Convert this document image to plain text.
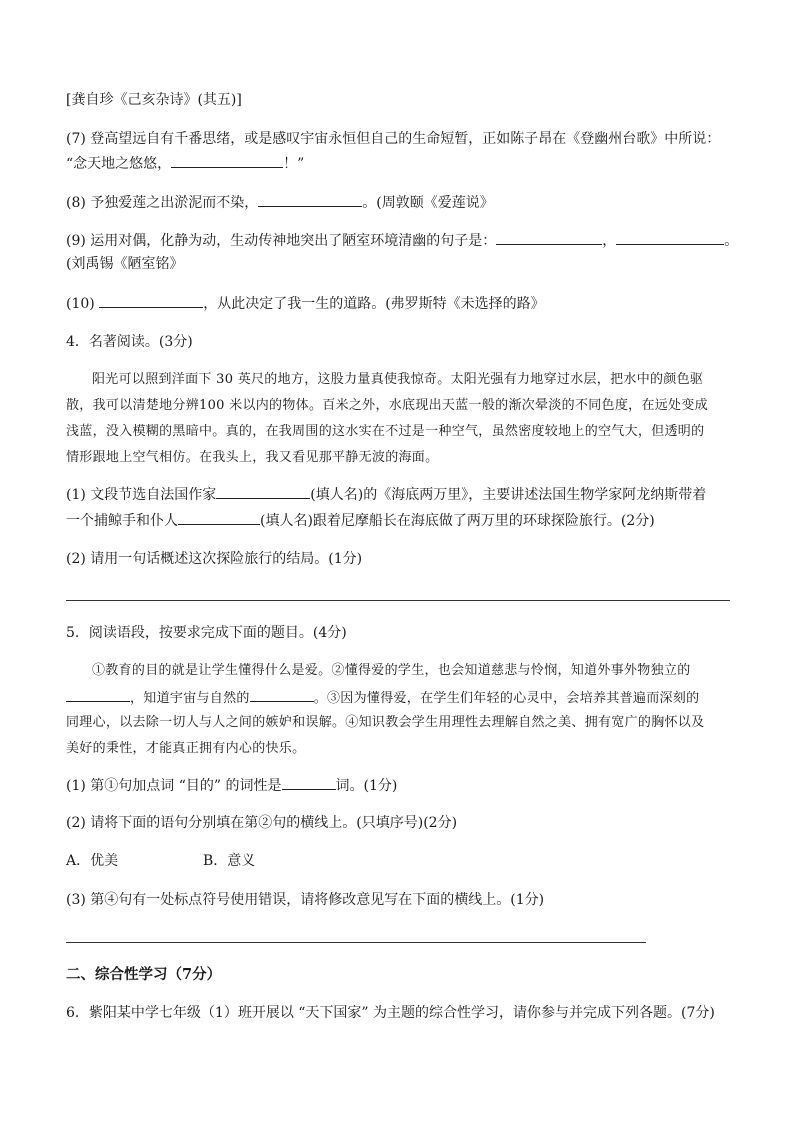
[龚自珍《己亥杂诗》(其五)]
(7) 登高望远自有千番思绪，或是感叹宇宙永恒但自己的生命短暂，正如陈子昂在《登幽州台歌》中所说：
“念天地之悠悠，	！”
(8) 予独爱莲之出淤泥而不染，	。(周敦颐《爱莲说》
(9) 运用对偶，化静为动，生动传神地突出了陋室环境清幽的句子是：	，	。
(刘禹锡《陋室铭》
(10)	，从此决定了我一生的道路。(弗罗斯特《未选择的路》
4．名著阅读。(3分)
阳光可以照到洋面下 30 英尺的地方，这股力量真使我惊奇。太阳光强有力地穿过水层，把水中的颜色驱
散，我可以清楚地分辨100 米以内的物体。百米之外，水底现出天蓝一般的渐次晕淡的不同色度，在远处变成
浅蓝，没入模糊的黑暗中。真的，在我周围的这水实在不过是一种空气，虽然密度较地上的空气大，但透明的
情形跟地上空气相仿。在我头上，我又看见那平静无波的海面。
(1) 文段节选自法国作家	(填人名)的《海底两万里》，主要讲述法国生物学家阿龙纳斯带着
一个捕鲸手和仆人	(填人名)跟着尼摩船长在海底做了两万里的环球探险旅行。(2分)
(2) 请用一句话概述这次探险旅行的结局。(1分)
5．阅读语段，按要求完成下面的题目。(4分)
①教育的目的就是让学生懂得什么是爱。②懂得爱的学生，也会知道慈悲与怜悯，知道外事外物独立的
，知道宇宙与自然的	。③因为懂得爱，在学生们年轻的心灵中，会培养其普遍而深刻的
同理心，以去除一切人与人之间的嫉妒和误解。④知识教会学生用理性去理解自然之美、拥有宽广的胸怀以及
美好的秉性，才能真正拥有内心的快乐。
(1) 第①句加点词 “目的” 的词性是	词。(1分)
(2) 请将下面的语句分别填在第②句的横线上。(只填序号)(2分)
A．优美	B．意义
(3) 第④句有一处标点符号使用错误，请将修改意见写在下面的横线上。(1分)
二、综合性学习（7分）
6．紫阳某中学七年级（1）班开展以 “天下国家” 为主题的综合性学习，请你参与并完成下列各题。(7分)
